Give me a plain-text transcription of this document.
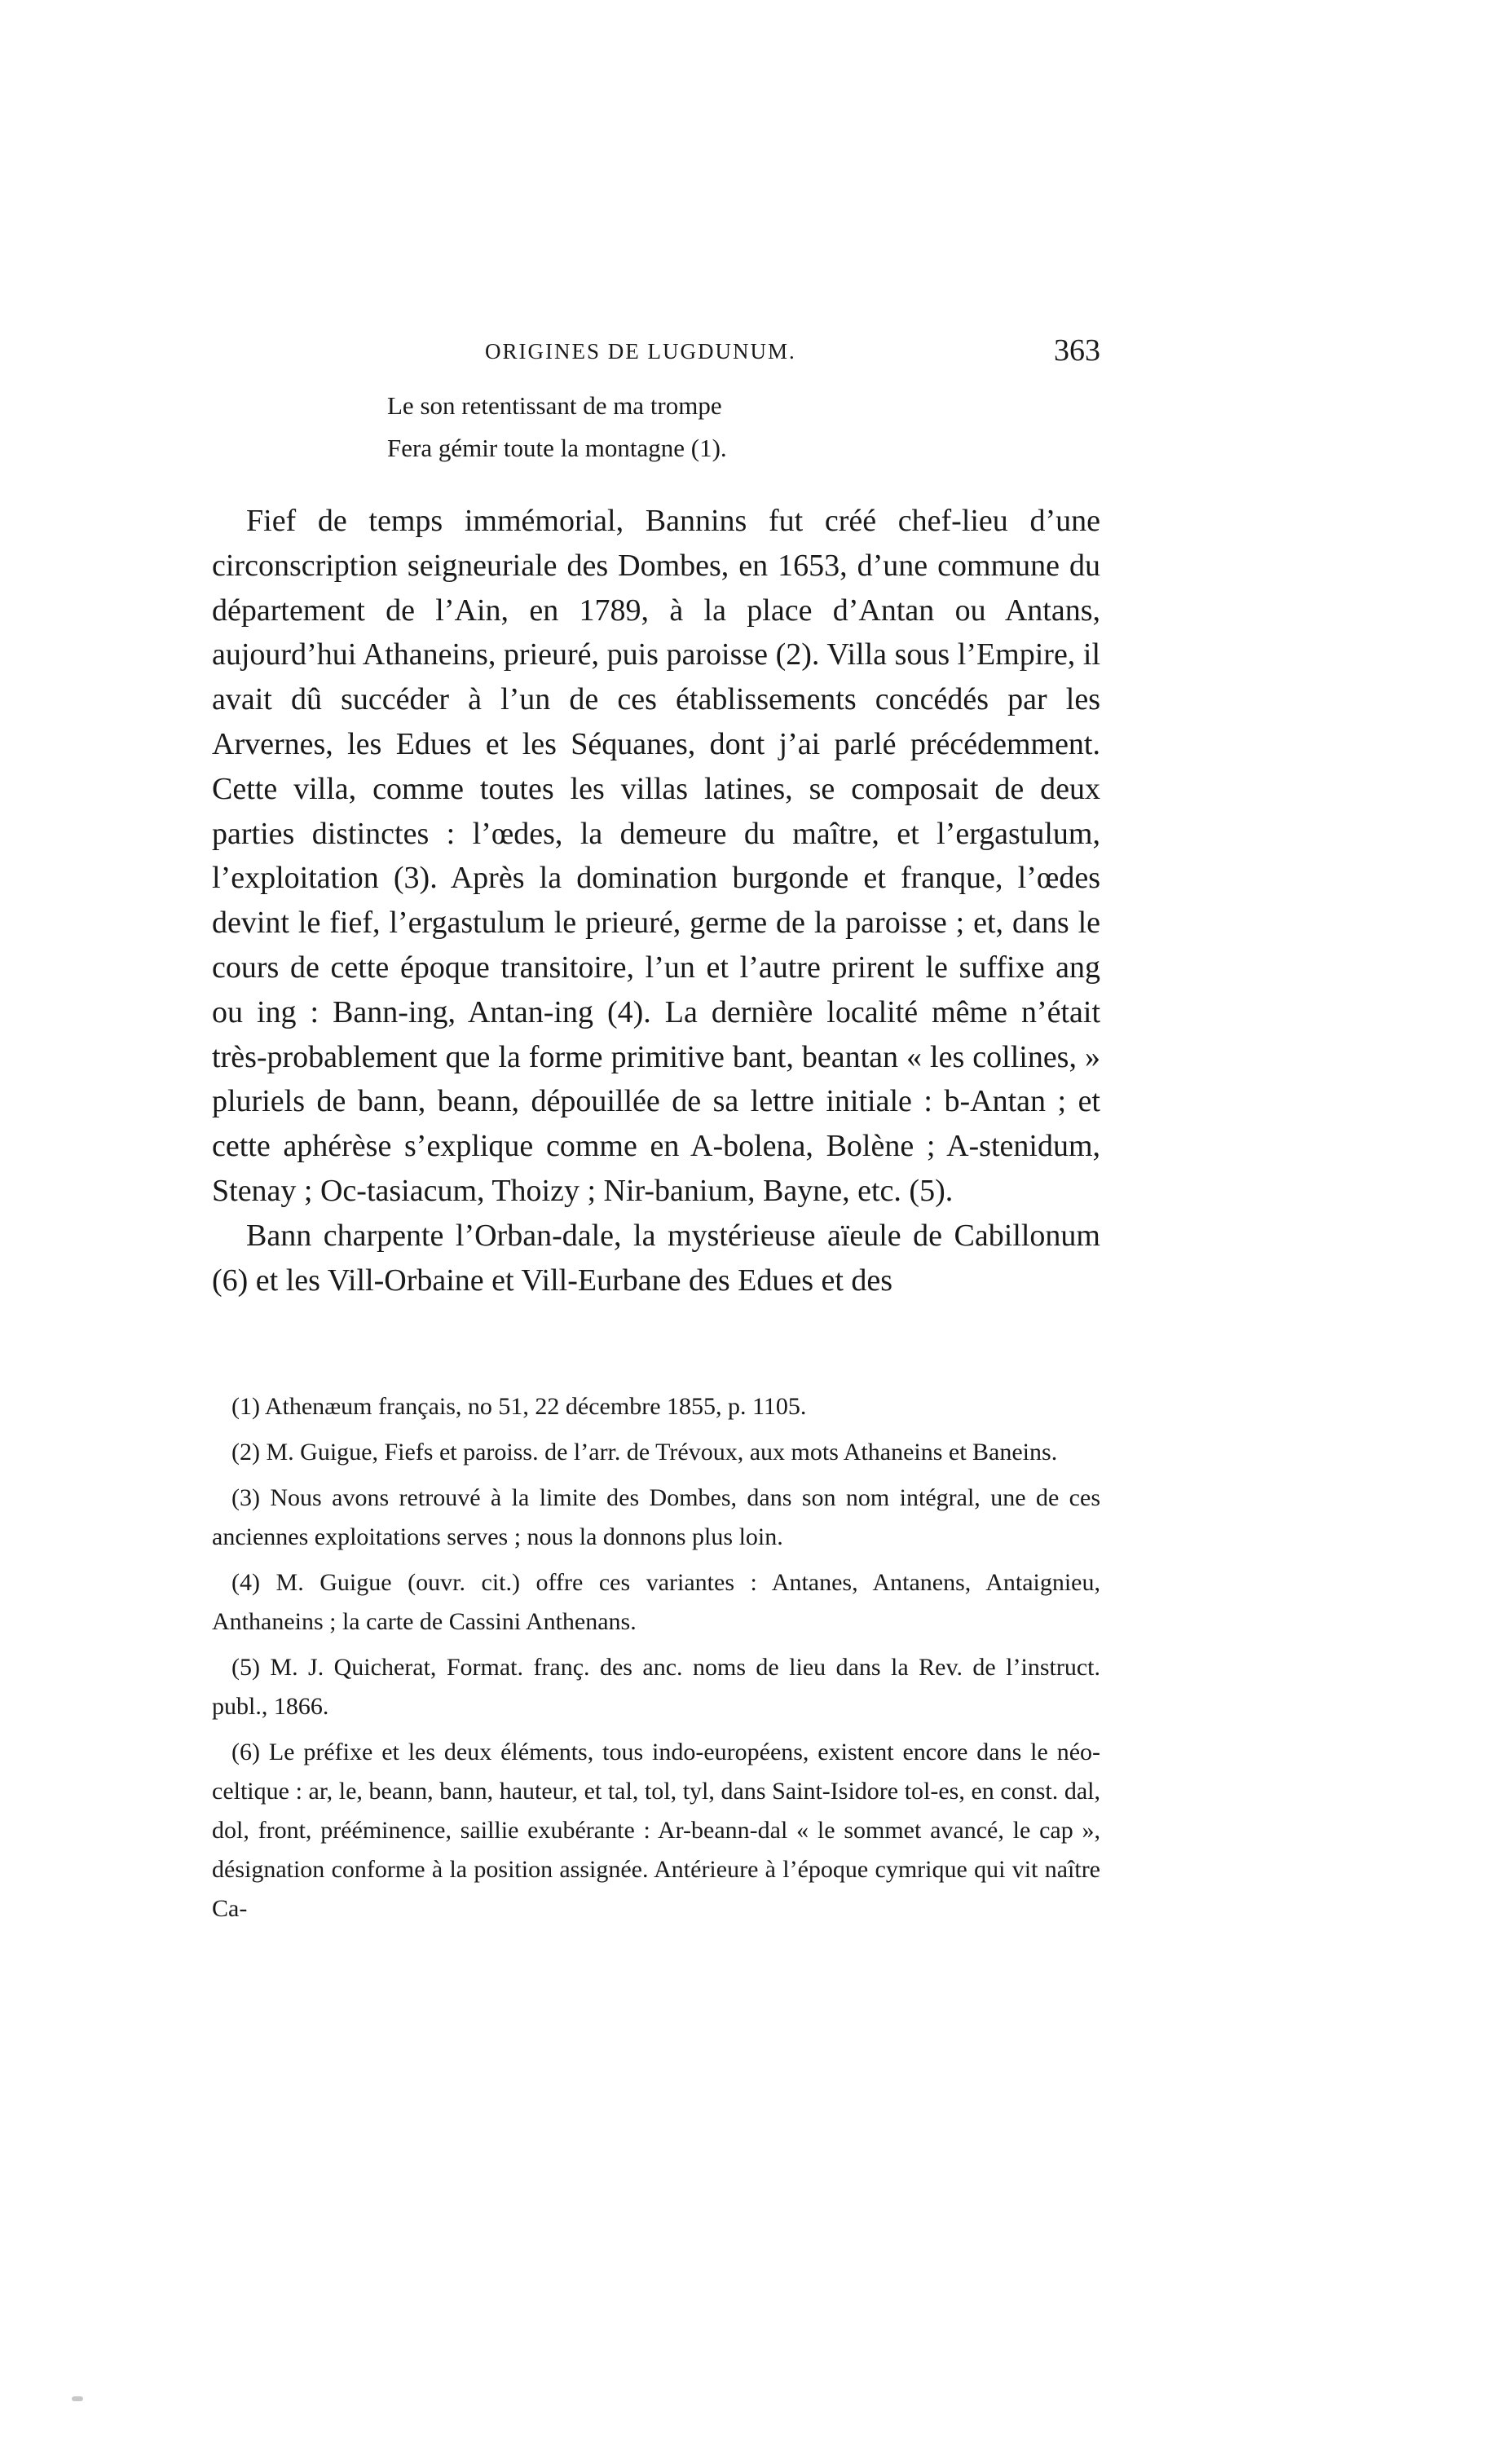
ORIGINES DE LUGDUNUM.	363
Le son retentissant de ma trompe
Fera gémir toute la montagne (1).

Fief de temps immémorial, Bannins fut créé chef-lieu d’une circonscription seigneuriale des Dombes, en 1653, d’une commune du département de l’Ain, en 1789, à la place d’Antan ou Antans, aujourd’hui Athaneins, prieuré, puis paroisse (2). Villa sous l’Empire, il avait dû succéder à l’un de ces établissements concédés par les Arvernes, les Edues et les Séquanes, dont j’ai parlé précédemment. Cette villa, comme toutes les villas latines, se composait de deux parties distinctes : l’œdes, la demeure du maître, et l’ergastulum, l’exploitation (3). Après la domination burgonde et franque, l’œdes devint le fief, l’ergastulum le prieuré, germe de la paroisse ; et, dans le cours de cette époque transitoire, l’un et l’autre prirent le suffixe ang ou ing : Bann-ing, Antan-ing (4). La dernière localité même n’était très-probablement que la forme primitive bant, beantan « les collines, » pluriels de bann, beann, dépouillée de sa lettre initiale : b-Antan ; et cette aphérèse s’explique comme en A-bolena, Bolène ; A-stenidum, Stenay ; Oc-tasiacum, Thoizy ; Nir-banium, Bayne, etc. (5).

Bann charpente l’Orban-dale, la mystérieuse aïeule de Cabillonum (6) et les Vill-Orbaine et Vill-Eurbane des Edues et des

(1) Athenæum français, no 51, 22 décembre 1855, p. 1105.

(2) M. Guigue, Fiefs et paroiss. de l’arr. de Trévoux, aux mots Athaneins et Baneins.

(3) Nous avons retrouvé à la limite des Dombes, dans son nom intégral, une de ces anciennes exploitations serves ; nous la donnons plus loin.

(4) M. Guigue (ouvr. cit.) offre ces variantes : Antanes, Antanens, Antaignieu, Anthaneins ; la carte de Cassini Anthenans.

(5) M. J. Quicherat, Format. franç. des anc. noms de lieu dans la Rev. de l’instruct. publ., 1866.

(6) Le préfixe et les deux éléments, tous indo-européens, existent encore dans le néo-celtique : ar, le, beann, bann, hauteur, et tal, tol, tyl, dans Saint-Isidore tol-es, en const. dal, dol, front, prééminence, saillie exubérante : Ar-beann-dal « le sommet avancé, le cap », désignation conforme à la position assignée. Antérieure à l’époque cymrique qui vit naître Ca-
